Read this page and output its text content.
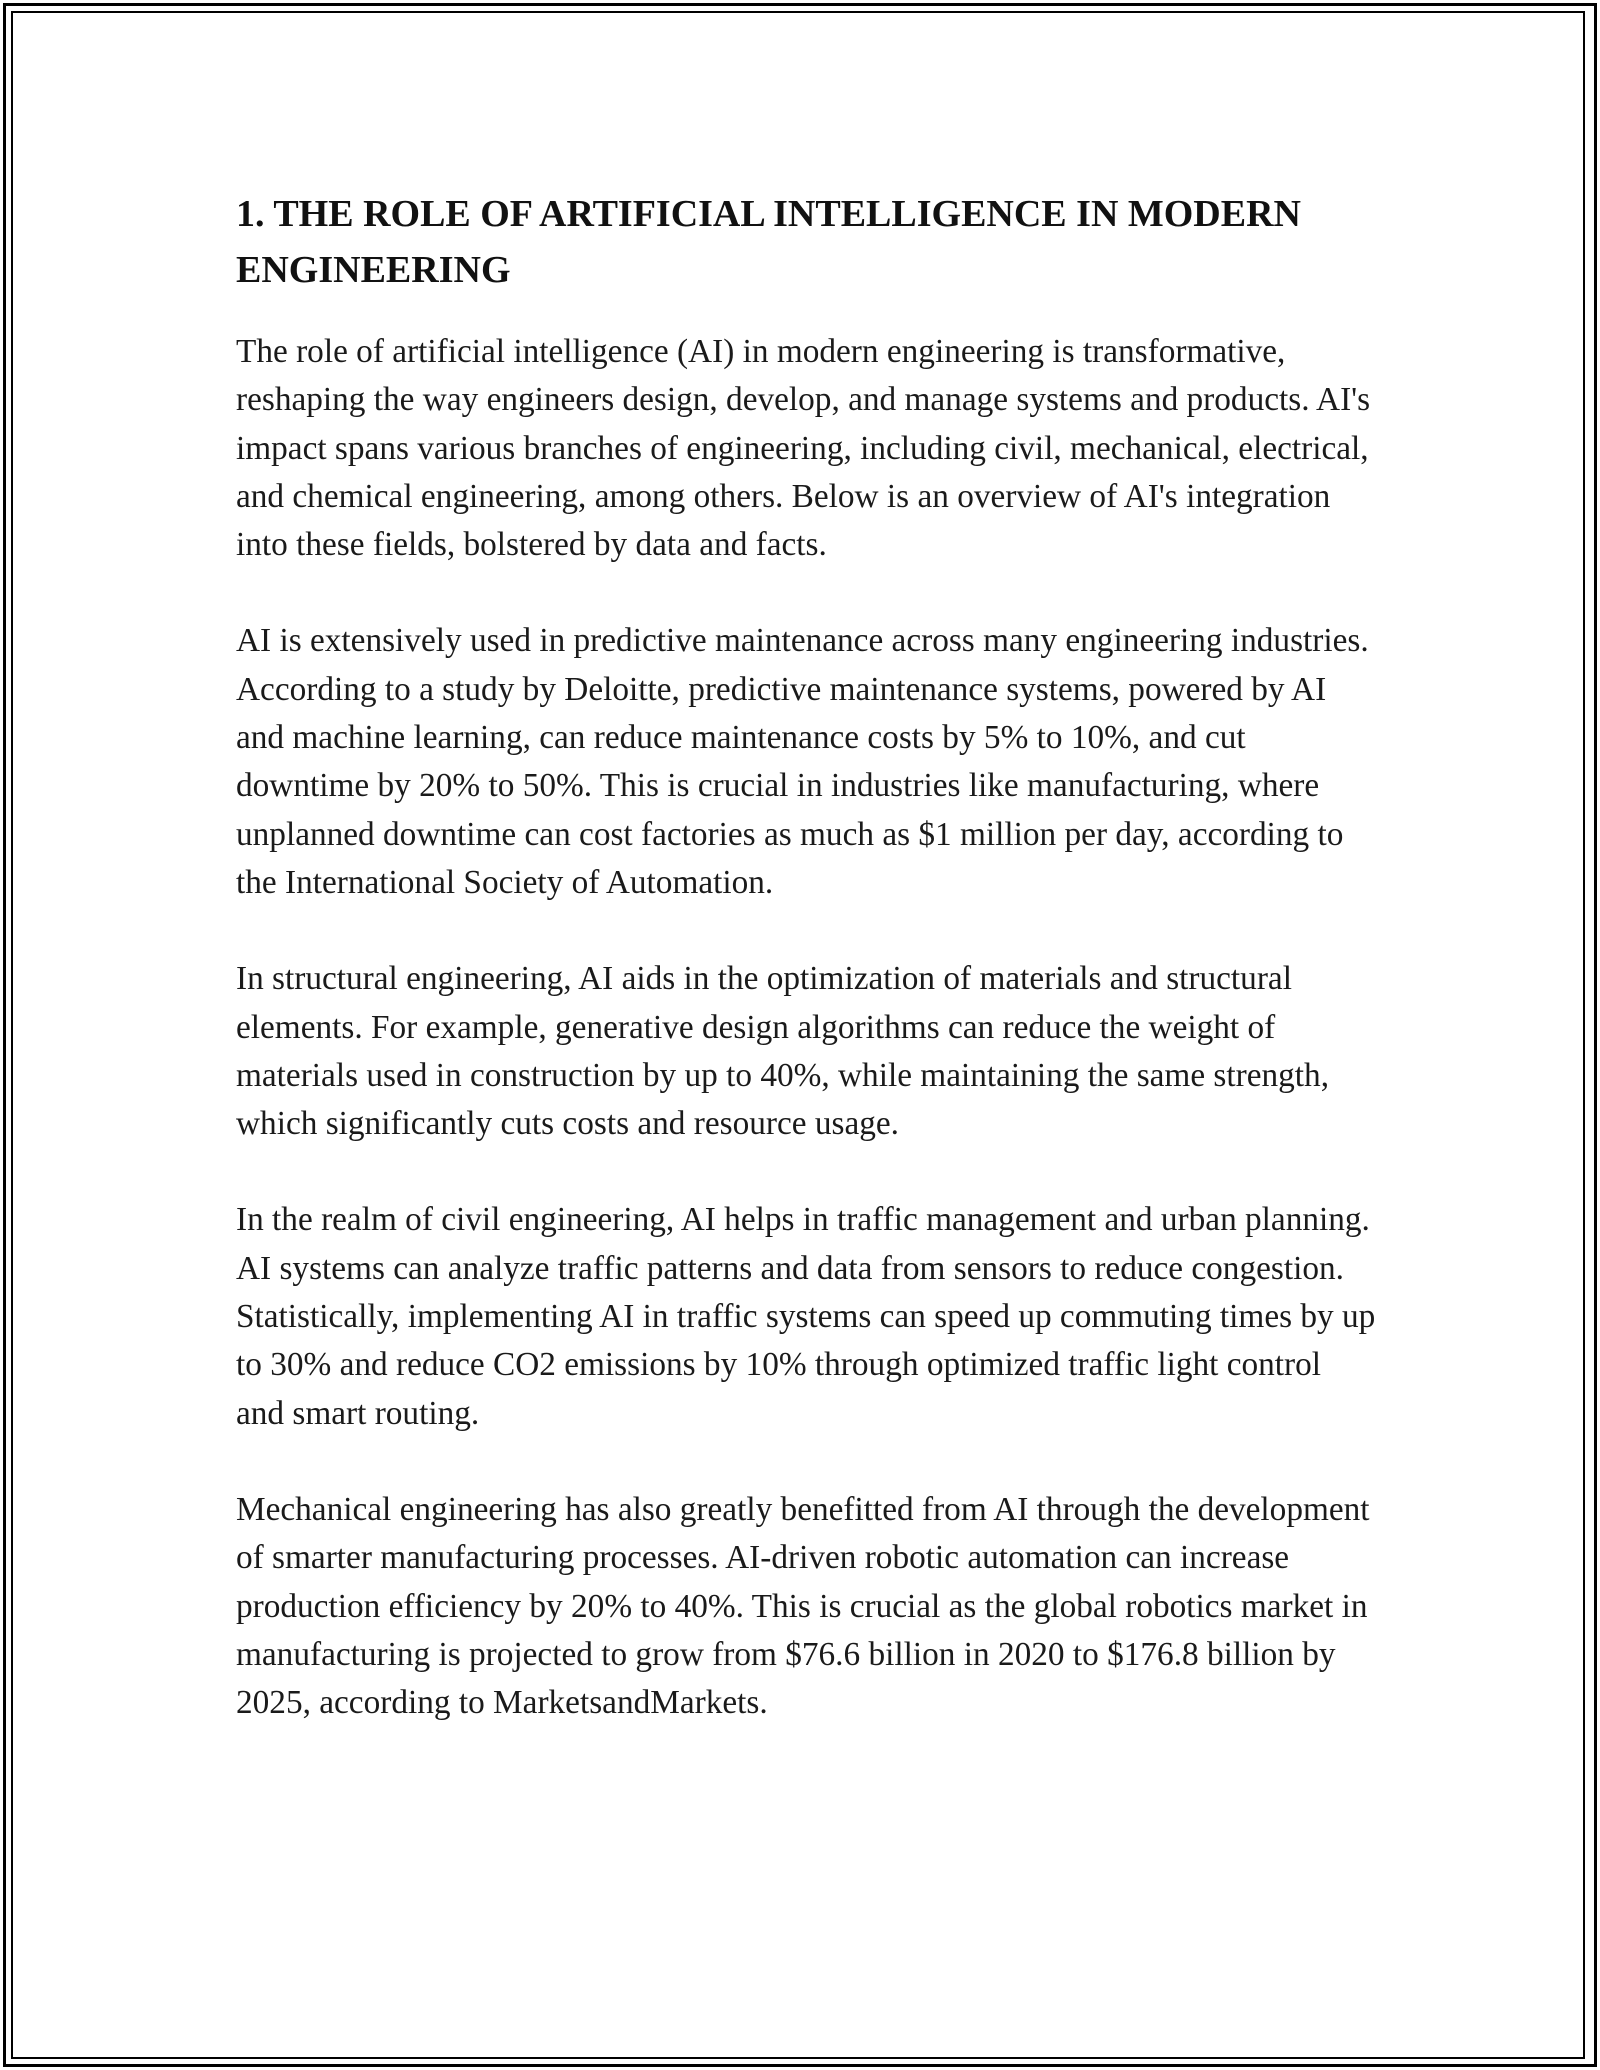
1. THE ROLE OF ARTIFICIAL INTELLIGENCE IN MODERN ENGINEERING

The role of artificial intelligence (AI) in modern engineering is transformative, reshaping the way engineers design, develop, and manage systems and products. AI's impact spans various branches of engineering, including civil, mechanical, electrical, and chemical engineering, among others. Below is an overview of AI's integration into these fields, bolstered by data and facts.

AI is extensively used in predictive maintenance across many engineering industries. According to a study by Deloitte, predictive maintenance systems, powered by AI and machine learning, can reduce maintenance costs by 5% to 10%, and cut downtime by 20% to 50%. This is crucial in industries like manufacturing, where unplanned downtime can cost factories as much as $1 million per day, according to the International Society of Automation.

In structural engineering, AI aids in the optimization of materials and structural elements. For example, generative design algorithms can reduce the weight of materials used in construction by up to 40%, while maintaining the same strength, which significantly cuts costs and resource usage.

In the realm of civil engineering, AI helps in traffic management and urban planning. AI systems can analyze traffic patterns and data from sensors to reduce congestion. Statistically, implementing AI in traffic systems can speed up commuting times by up to 30% and reduce CO2 emissions by 10% through optimized traffic light control and smart routing.

Mechanical engineering has also greatly benefitted from AI through the development of smarter manufacturing processes. AI-driven robotic automation can increase production efficiency by 20% to 40%. This is crucial as the global robotics market in manufacturing is projected to grow from $76.6 billion in 2020 to $176.8 billion by 2025, according to MarketsandMarkets.
